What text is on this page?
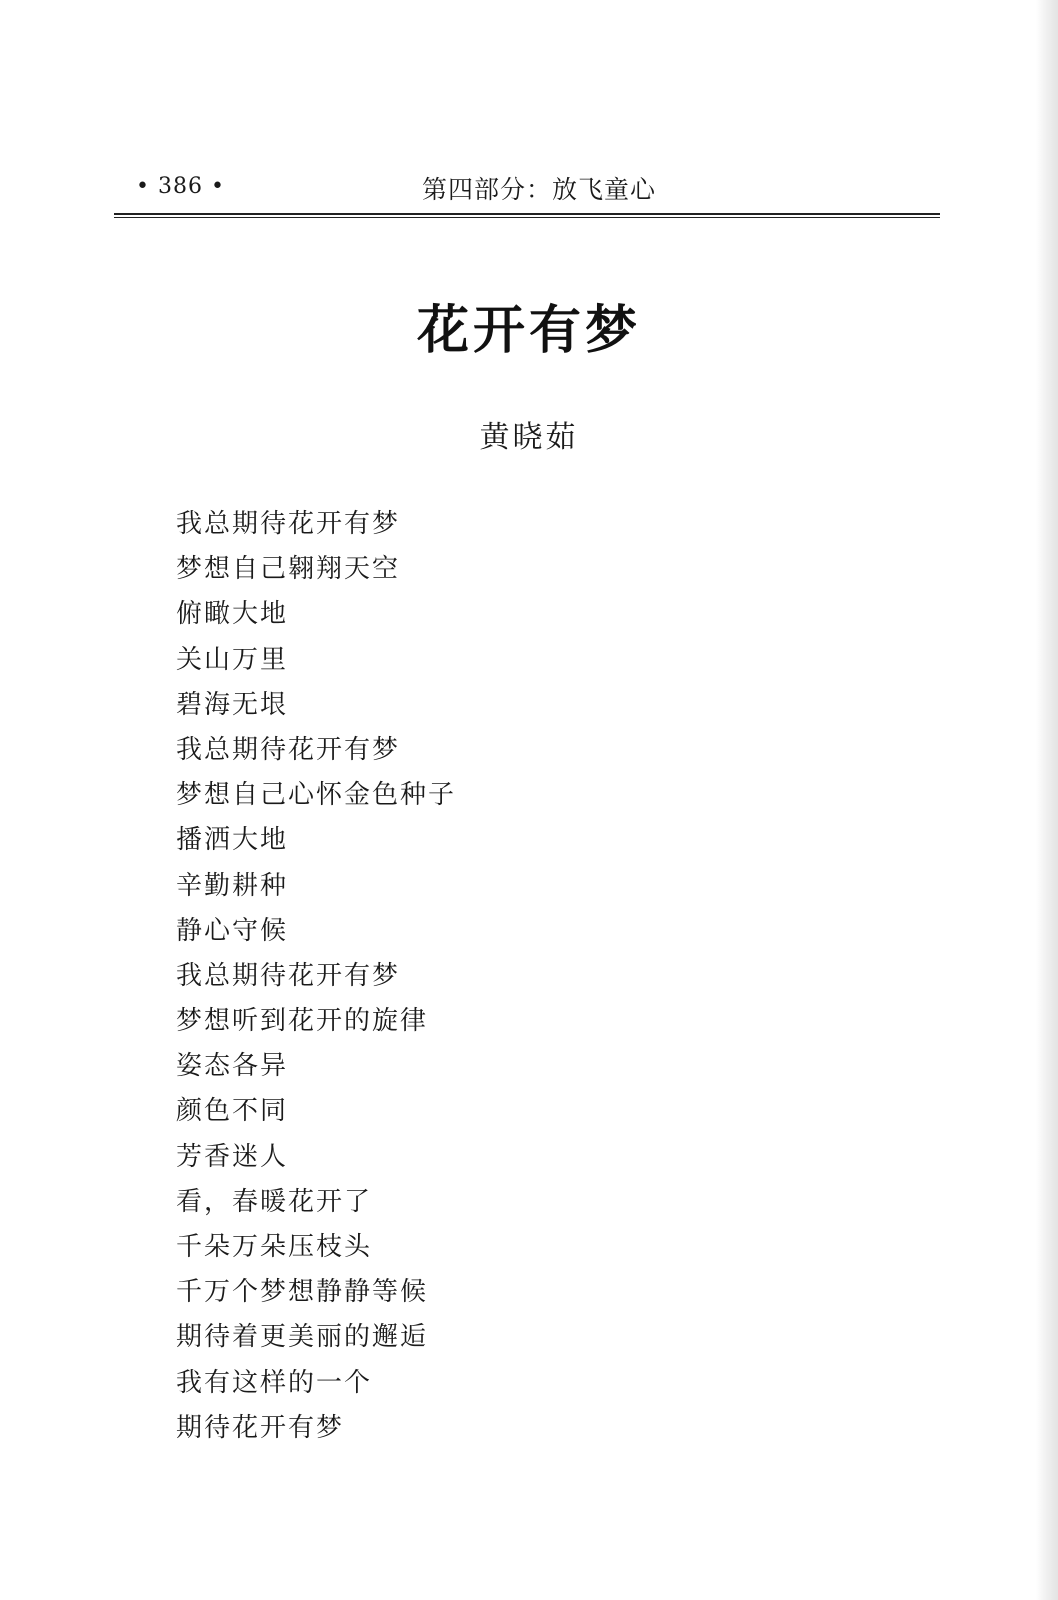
• 386 •	第四部分：放飞童心
花开有梦
黄晓茹
我总期待花开有梦
梦想自己翱翔天空
俯瞰大地
关山万里
碧海无垠
我总期待花开有梦
梦想自己心怀金色种子
播洒大地
辛勤耕种
静心守候
我总期待花开有梦
梦想听到花开的旋律
姿态各异
颜色不同
芳香迷人
看，春暖花开了
千朵万朵压枝头
千万个梦想静静等候
期待着更美丽的邂逅
我有这样的一个
期待花开有梦
